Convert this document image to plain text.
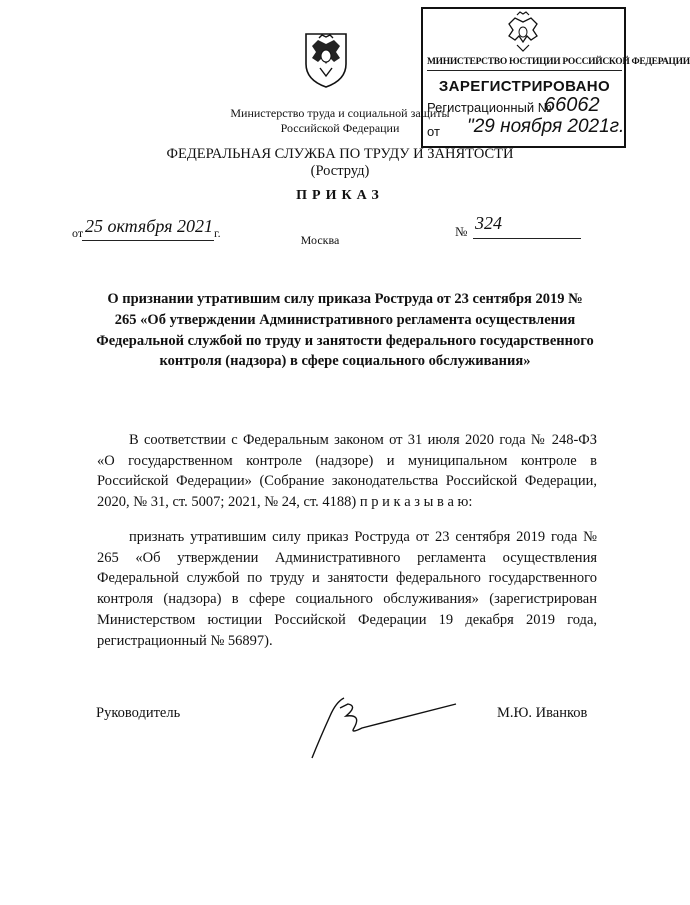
МИНИСТЕРСТВО ЮСТИЦИИ РОССИЙСКОЙ ФЕДЕРАЦИИ
ЗАРЕГИСТРИРОВАНО
Регистрационный №
66062
от "29 ноября 2021г.
Министерство труда и социальной защиты
Российской Федерации
ФЕДЕРАЛЬНАЯ СЛУЖБА ПО ТРУДУ И ЗАНЯТОСТИ
(Роструд)
ПРИКАЗ
от 25 октября 2021 г.	№ 324
Москва
О признании утратившим силу приказа Роструда от 23 сентября 2019 № 265 «Об утверждении Административного регламента осуществления Федеральной службой по труду и занятости федерального государственного контроля (надзора) в сфере социального обслуживания»
В соответствии с Федеральным законом от 31 июля 2020 года № 248-ФЗ «О государственном контроле (надзоре) и муниципальном контроле в Российской Федерации» (Собрание законодательства Российской Федерации, 2020, № 31, ст. 5007; 2021, № 24, ст. 4188) п р и к а з ы в а ю:
признать утратившим силу приказ Роструда от 23 сентября 2019 года № 265 «Об утверждении Административного регламента осуществления Федеральной службой по труду и занятости федерального государственного контроля (надзора) в сфере социального обслуживания» (зарегистрирован Министерством юстиции Российской Федерации 19 декабря 2019 года, регистрационный № 56897).
Руководитель	М.Ю. Иванков
